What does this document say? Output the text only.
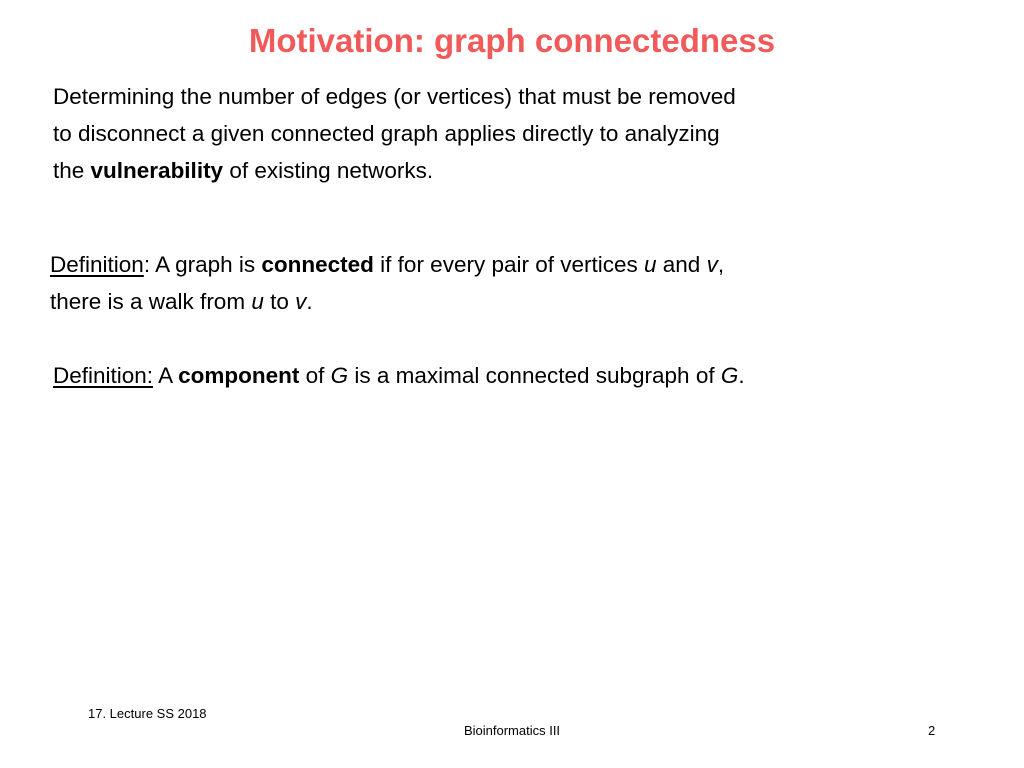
Motivation: graph connectedness
Determining the number of edges (or vertices) that must be removed
to disconnect a given connected graph applies directly to analyzing
the vulnerability of existing networks.
Definition: A graph is connected if for every pair of vertices u and v,
there is a walk from u to v.
Definition: A component of G is a maximal connected subgraph of G.
17. Lecture SS 2018
Bioinformatics III	2
